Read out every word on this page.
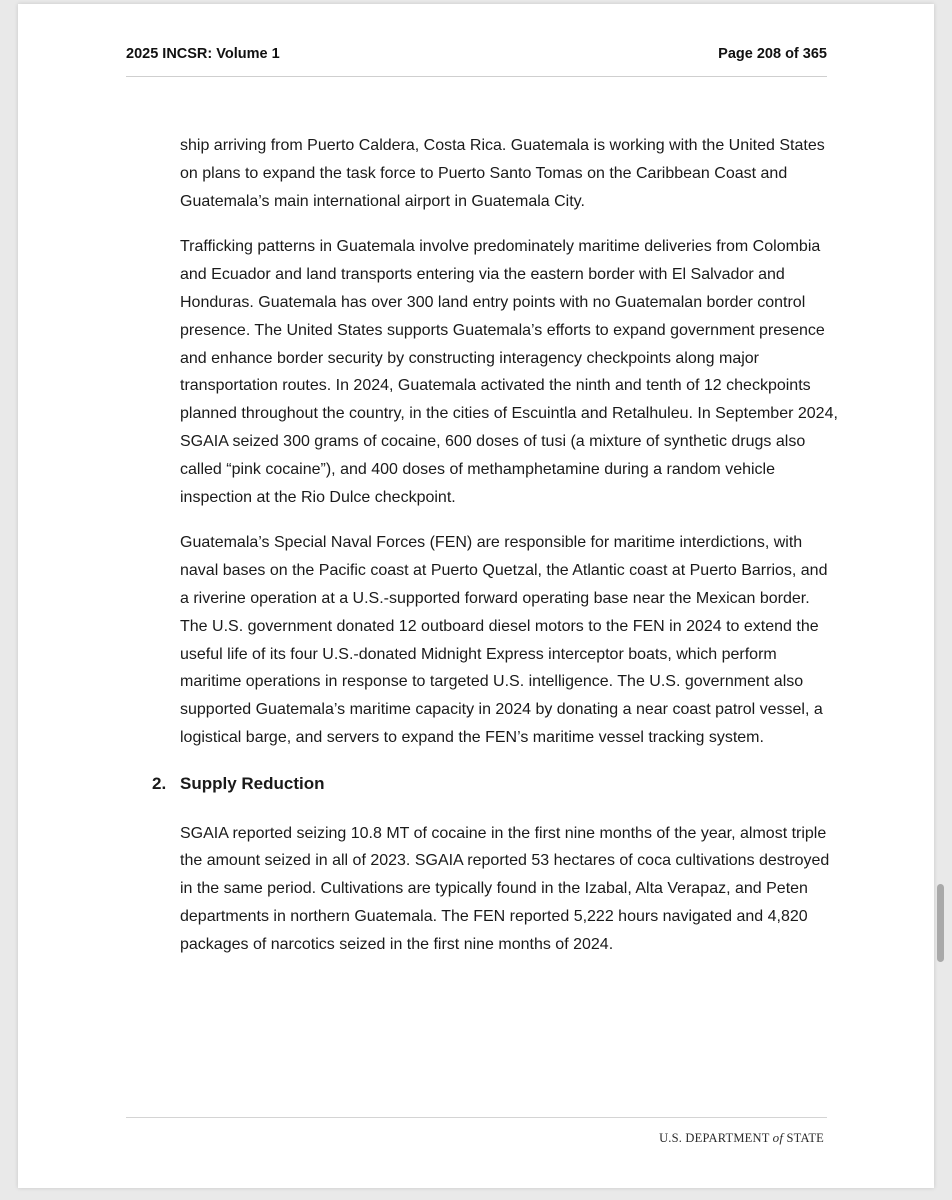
2025 INCSR: Volume 1	Page 208 of 365

ship arriving from Puerto Caldera, Costa Rica. Guatemala is working with the United States on plans to expand the task force to Puerto Santo Tomas on the Caribbean Coast and Guatemala’s main international airport in Guatemala City.

Trafficking patterns in Guatemala involve predominately maritime deliveries from Colombia and Ecuador and land transports entering via the eastern border with El Salvador and Honduras. Guatemala has over 300 land entry points with no Guatemalan border control presence. The United States supports Guatemala’s efforts to expand government presence and enhance border security by constructing interagency checkpoints along major transportation routes. In 2024, Guatemala activated the ninth and tenth of 12 checkpoints planned throughout the country, in the cities of Escuintla and Retalhuleu. In September 2024, SGAIA seized 300 grams of cocaine, 600 doses of tusi (a mixture of synthetic drugs also called “pink cocaine”), and 400 doses of methamphetamine during a random vehicle inspection at the Rio Dulce checkpoint.

Guatemala’s Special Naval Forces (FEN) are responsible for maritime interdictions, with naval bases on the Pacific coast at Puerto Quetzal, the Atlantic coast at Puerto Barrios, and a riverine operation at a U.S.-supported forward operating base near the Mexican border. The U.S. government donated 12 outboard diesel motors to the FEN in 2024 to extend the useful life of its four U.S.-donated Midnight Express interceptor boats, which perform maritime operations in response to targeted U.S. intelligence. The U.S. government also supported Guatemala’s maritime capacity in 2024 by donating a near coast patrol vessel, a logistical barge, and servers to expand the FEN’s maritime vessel tracking system.

2. Supply Reduction

SGAIA reported seizing 10.8 MT of cocaine in the first nine months of the year, almost triple the amount seized in all of 2023. SGAIA reported 53 hectares of coca cultivations destroyed in the same period. Cultivations are typically found in the Izabal, Alta Verapaz, and Peten departments in northern Guatemala. The FEN reported 5,222 hours navigated and 4,820 packages of narcotics seized in the first nine months of 2024.

U.S. DEPARTMENT of STATE
